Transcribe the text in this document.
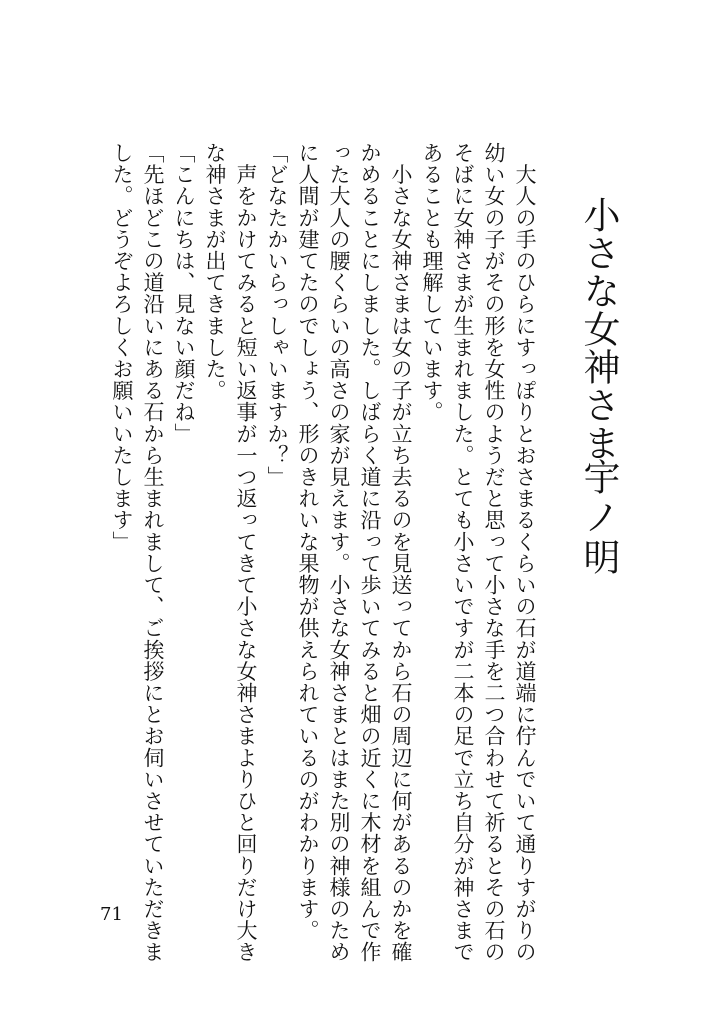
小さな女神さま
宇ノ明
　大人の手のひらにすっぽりとおさまるくらいの石が道端に佇んでいて通りすがりの
幼い女の子がその形を女性のようだと思って小さな手を二つ合わせて祈るとその石の
そばに女神さまが生まれました。とても小さいですが二本の足で立ち自分が神さまで
あることも理解しています。
　小さな女神さまは女の子が立ち去るのを見送ってから石の周辺に何があるのかを確
かめることにしました。しばらく道に沿って歩いてみると畑の近くに木材を組んで作
った大人の腰くらいの高さの家が見えます。小さな女神さまとはまた別の神様のため
に人間が建てたのでしょう、形のきれいな果物が供えられているのがわかります。
「どなたかいらっしゃいますか？」
　声をかけてみると短い返事が一つ返ってきて小さな女神さまよりひと回りだけ大き
な神さまが出てきました。
「こんにちは、見ない顔だね」
「先ほどこの道沿いにある石から生まれまして、ご挨拶にとお伺いさせていただきま
した。どうぞよろしくお願いいたします」
71
